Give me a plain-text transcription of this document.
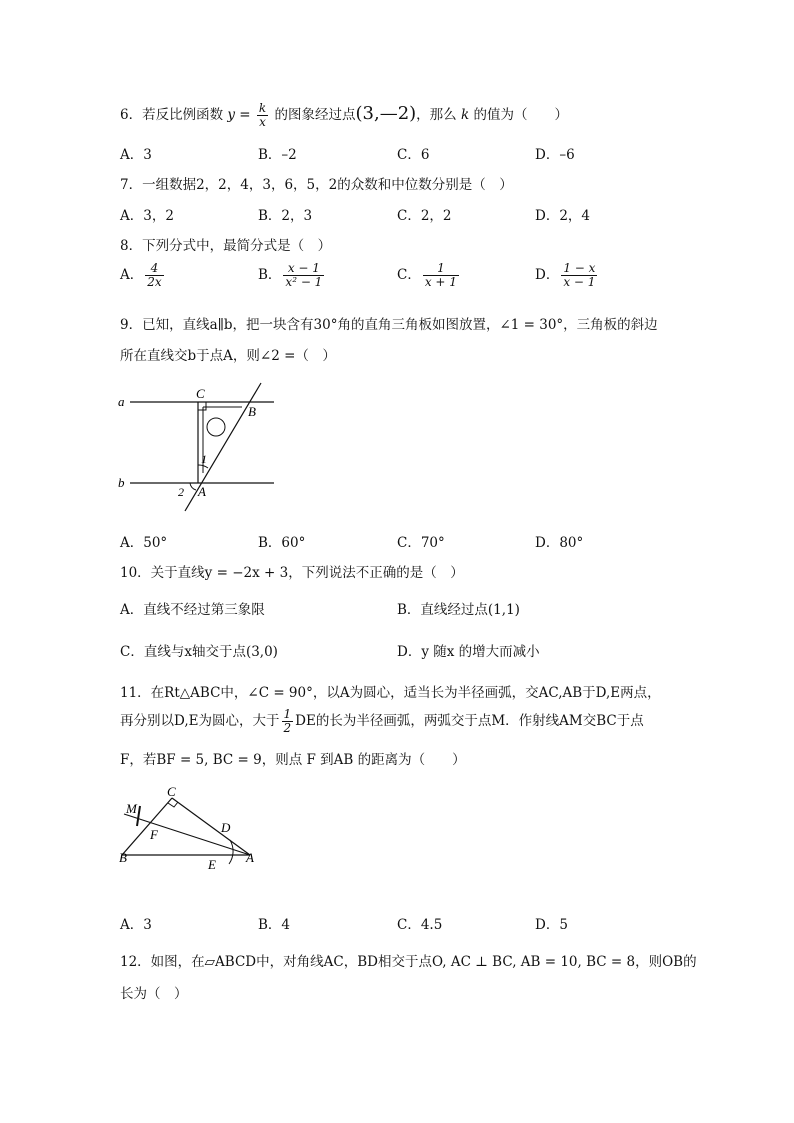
6．若反比例函数 $y = \frac{k}{x}$ 的图象经过点(3,—2)，那么 k 的值为（　　）
A．3	B．–2	C．6	D．–6
7．一组数据2，2，4，3，6，5，2的众数和中位数分别是（　）
A．3，2	B．2，3	C．2，2	D．2，4
8．下列分式中，最简分式是（　）
A． $\frac{4}{2x}$	B． $\frac{x - 1}{\text{x² − 1}}$	C． $\frac{1}{x + 1}$	D． $\frac{1 - x}{x - 1}$
9．已知，直线a∥b，把一块含有30°角的直角三角板如图放置，∠1 = 30°，三角板的斜边
所在直线交b于点A，则∠2 =（　）
a
b
C
B
A
1
2
A．50°	B．60°	C．70°	D．80°
10．关于直线y = −2x + 3，下列说法不正确的是（　）
A．直线不经过第三象限	B．直线经过点(1,1)
C．直线与x轴交于点(3,0)	D．y 随x 的增大而减小
11．在Rt△ABC中，∠C = 90°，以A为圆心，适当长为半径画弧，交AC,AB于D,E两点，
再分别以D,E为圆心，大于 $\frac{1}{2}$ DE的长为半径画弧，两弧交于点M．作射线AM交BC于点
F，若BF = 5, BC = 9，则点 F 到AB 的距离为（　　）
M
C
D
F
B	E A
A．3	B．4	C．4.5	D．5
12．如图，在▱ABCD中，对角线AC，BD相交于点O, AC ⊥ BC, AB = 10, BC = 8，则OB的
长为（　）
